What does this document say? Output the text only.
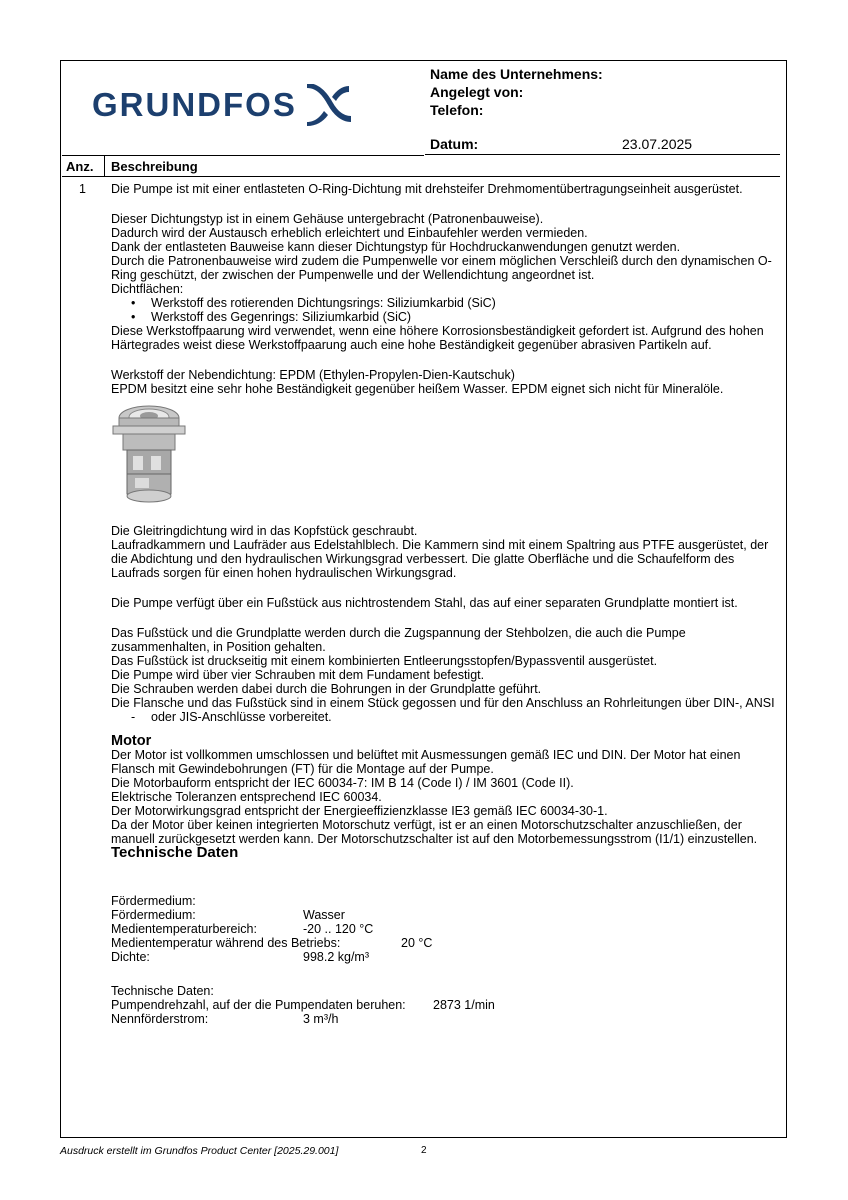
GRUNDFOS
Name des Unternehmens:
Angelegt von:
Telefon:
Datum:	23.07.2025
Anz. Beschreibung
1 Die Pumpe ist mit einer entlasteten O-Ring-Dichtung mit drehsteifer Drehmomentübertragungseinheit ausgerüstet.

Dieser Dichtungstyp ist in einem Gehäuse untergebracht (Patronenbauweise).

Dadurch wird der Austausch erheblich erleichtert und Einbaufehler werden vermieden.

Dank der entlasteten Bauweise kann dieser Dichtungstyp für Hochdruckanwendungen genutzt werden.

Durch die Patronenbauweise wird zudem die Pumpenwelle vor einem möglichen Verschleiß durch den dynamischen O-Ring geschützt, der zwischen der Pumpenwelle und der Wellendichtung angeordnet ist.

Dichtflächen:

• Werkstoff des rotierenden Dichtungsrings: Siliziumkarbid (SiC)

• Werkstoff des Gegenrings: Siliziumkarbid (SiC)

Diese Werkstoffpaarung wird verwendet, wenn eine höhere Korrosionsbeständigkeit gefordert ist. Aufgrund des hohen Härtegrades weist diese Werkstoffpaarung auch eine hohe Beständigkeit gegenüber abrasiven Partikeln auf.

Werkstoff der Nebendichtung: EPDM (Ethylen-Propylen-Dien-Kautschuk)

EPDM besitzt eine sehr hohe Beständigkeit gegenüber heißem Wasser. EPDM eignet sich nicht für Mineralöle.

Die Gleitringdichtung wird in das Kopfstück geschraubt.

Laufradkammern und Laufräder aus Edelstahlblech. Die Kammern sind mit einem Spaltring aus PTFE ausgerüstet, der die Abdichtung und den hydraulischen Wirkungsgrad verbessert. Die glatte Oberfläche und die Schaufelform des Laufrads sorgen für einen hohen hydraulischen Wirkungsgrad.

Die Pumpe verfügt über ein Fußstück aus nichtrostendem Stahl, das auf einer separaten Grundplatte montiert ist.

Das Fußstück und die Grundplatte werden durch die Zugspannung der Stehbolzen, die auch die Pumpe zusammenhalten, in Position gehalten.

Das Fußstück ist druckseitig mit einem kombinierten Entleerungsstopfen/Bypassventil ausgerüstet.

Die Pumpe wird über vier Schrauben mit dem Fundament befestigt.

Die Schrauben werden dabei durch die Bohrungen in der Grundplatte geführt.

Die Flansche und das Fußstück sind in einem Stück gegossen und für den Anschluss an Rohrleitungen über DIN-, ANSI

- oder JIS-Anschlüsse vorbereitet.

Motor

Der Motor ist vollkommen umschlossen und belüftet mit Ausmessungen gemäß IEC und DIN. Der Motor hat einen Flansch mit Gewindebohrungen (FT) für die Montage auf der Pumpe.

Die Motorbauform entspricht der IEC 60034-7: IM B 14 (Code I) / IM 3601 (Code II).

Elektrische Toleranzen entsprechend IEC 60034.

Der Motorwirkungsgrad entspricht der Energieeffizienzklasse IE3 gemäß IEC 60034-30-1.

Da der Motor über keinen integrierten Motorschutz verfügt, ist er an einen Motorschutzschalter anzuschließen, der manuell zurückgesetzt werden kann. Der Motorschutzschalter ist auf den Motorbemessungsstrom (I1/1) einzustellen.

Technische Daten

Fördermedium:

Fördermedium:	Wasser
Medientemperaturbereich:	-20 .. 120 °C
Medientemperatur während des Betriebs:	20 °C
Dichte:	998.2 kg/m³

Technische Daten:

Pumpendrehzahl, auf der die Pumpendaten beruhen:	2873 1/min
Nennförderstrom:	3 m³/h
Ausdruck erstellt im Grundfos Product Center [2025.29.001]	2
